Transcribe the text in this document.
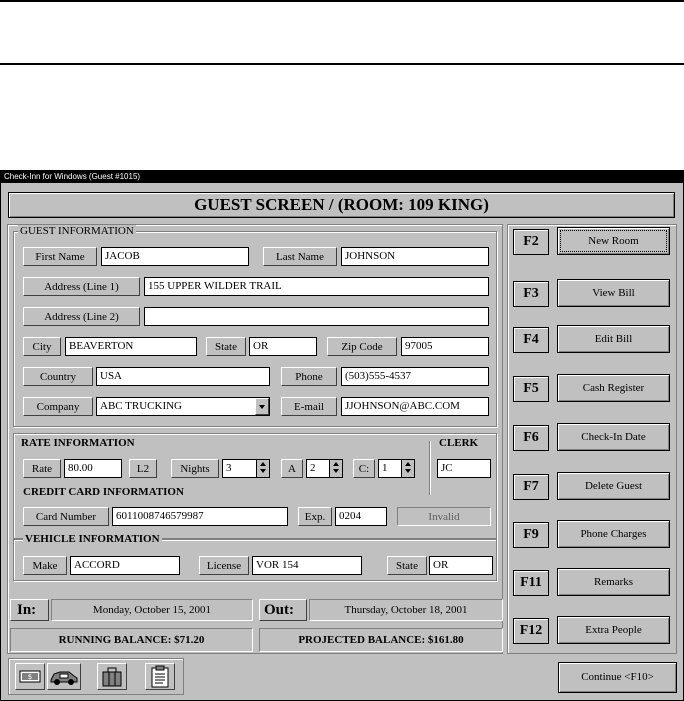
Check-Inn for Windows (Guest #1015)
GUEST SCREEN / (ROOM: 109 KING)
GUEST INFORMATION
First Name	JACOB	Last Name	JOHNSON
Address (Line 1)	155 UPPER WILDER TRAIL
Address (Line 2)
City	BEAVERTON	State	OR	Zip Code	97005
Country	USA	Phone	(503)555-4537
Company	ABC TRUCKING	E-mail	JJOHNSON@ABC.COM
RATE INFORMATION
Rate	80.00	L2	Nights	3	A	2	C:	1
CLERK
JC
CREDIT CARD INFORMATION
Card Number	6011008746579987	Exp.	0204	Invalid
VEHICLE INFORMATION
Make	ACCORD	License	VOR 154	State	OR
In:	Monday, October 15, 2001	Out:	Thursday, October 18, 2001
RUNNING BALANCE: $71.20	PROJECTED BALANCE: $161.80
F2	New Room
F3	View Bill
F4	Edit Bill
F5	Cash Register
F6	Check-In Date
F7	Delete Guest
F9	Phone Charges
F11	Remarks
F12	Extra People
$	Continue <F10>
